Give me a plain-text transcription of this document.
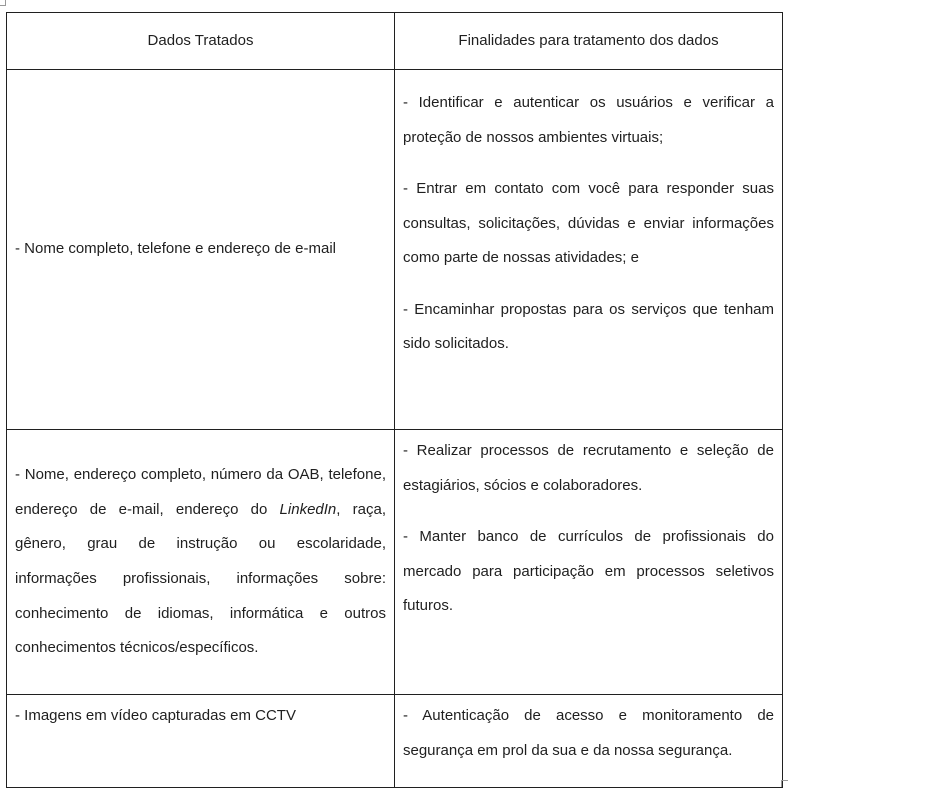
Dados Tratados	Finalidades para tratamento dos dados
- Nome completo, telefone e endereço de e-mail	- Identificar e autenticar os usuários e verificar a proteção de nossos ambientes virtuais;

- Entrar em contato com você para responder suas consultas, solicitações, dúvidas e enviar informações como parte de nossas atividades; e

- Encaminhar propostas para os serviços que tenham sido solicitados.

- Nome, endereço completo, número da OAB, telefone, endereço de e-mail, endereço do LinkedIn, raça, gênero, grau de instrução ou escolaridade, informações profissionais, informações sobre: conhecimento de idiomas, informática e outros conhecimentos técnicos/específicos.	- Realizar processos de recrutamento e seleção de estagiários, sócios e colaboradores.

- Manter banco de currículos de profissionais do mercado para participação em processos seletivos futuros.

- Imagens em vídeo capturadas em CCTV	- Autenticação de acesso e monitoramento de segurança em prol da sua e da nossa segurança.
